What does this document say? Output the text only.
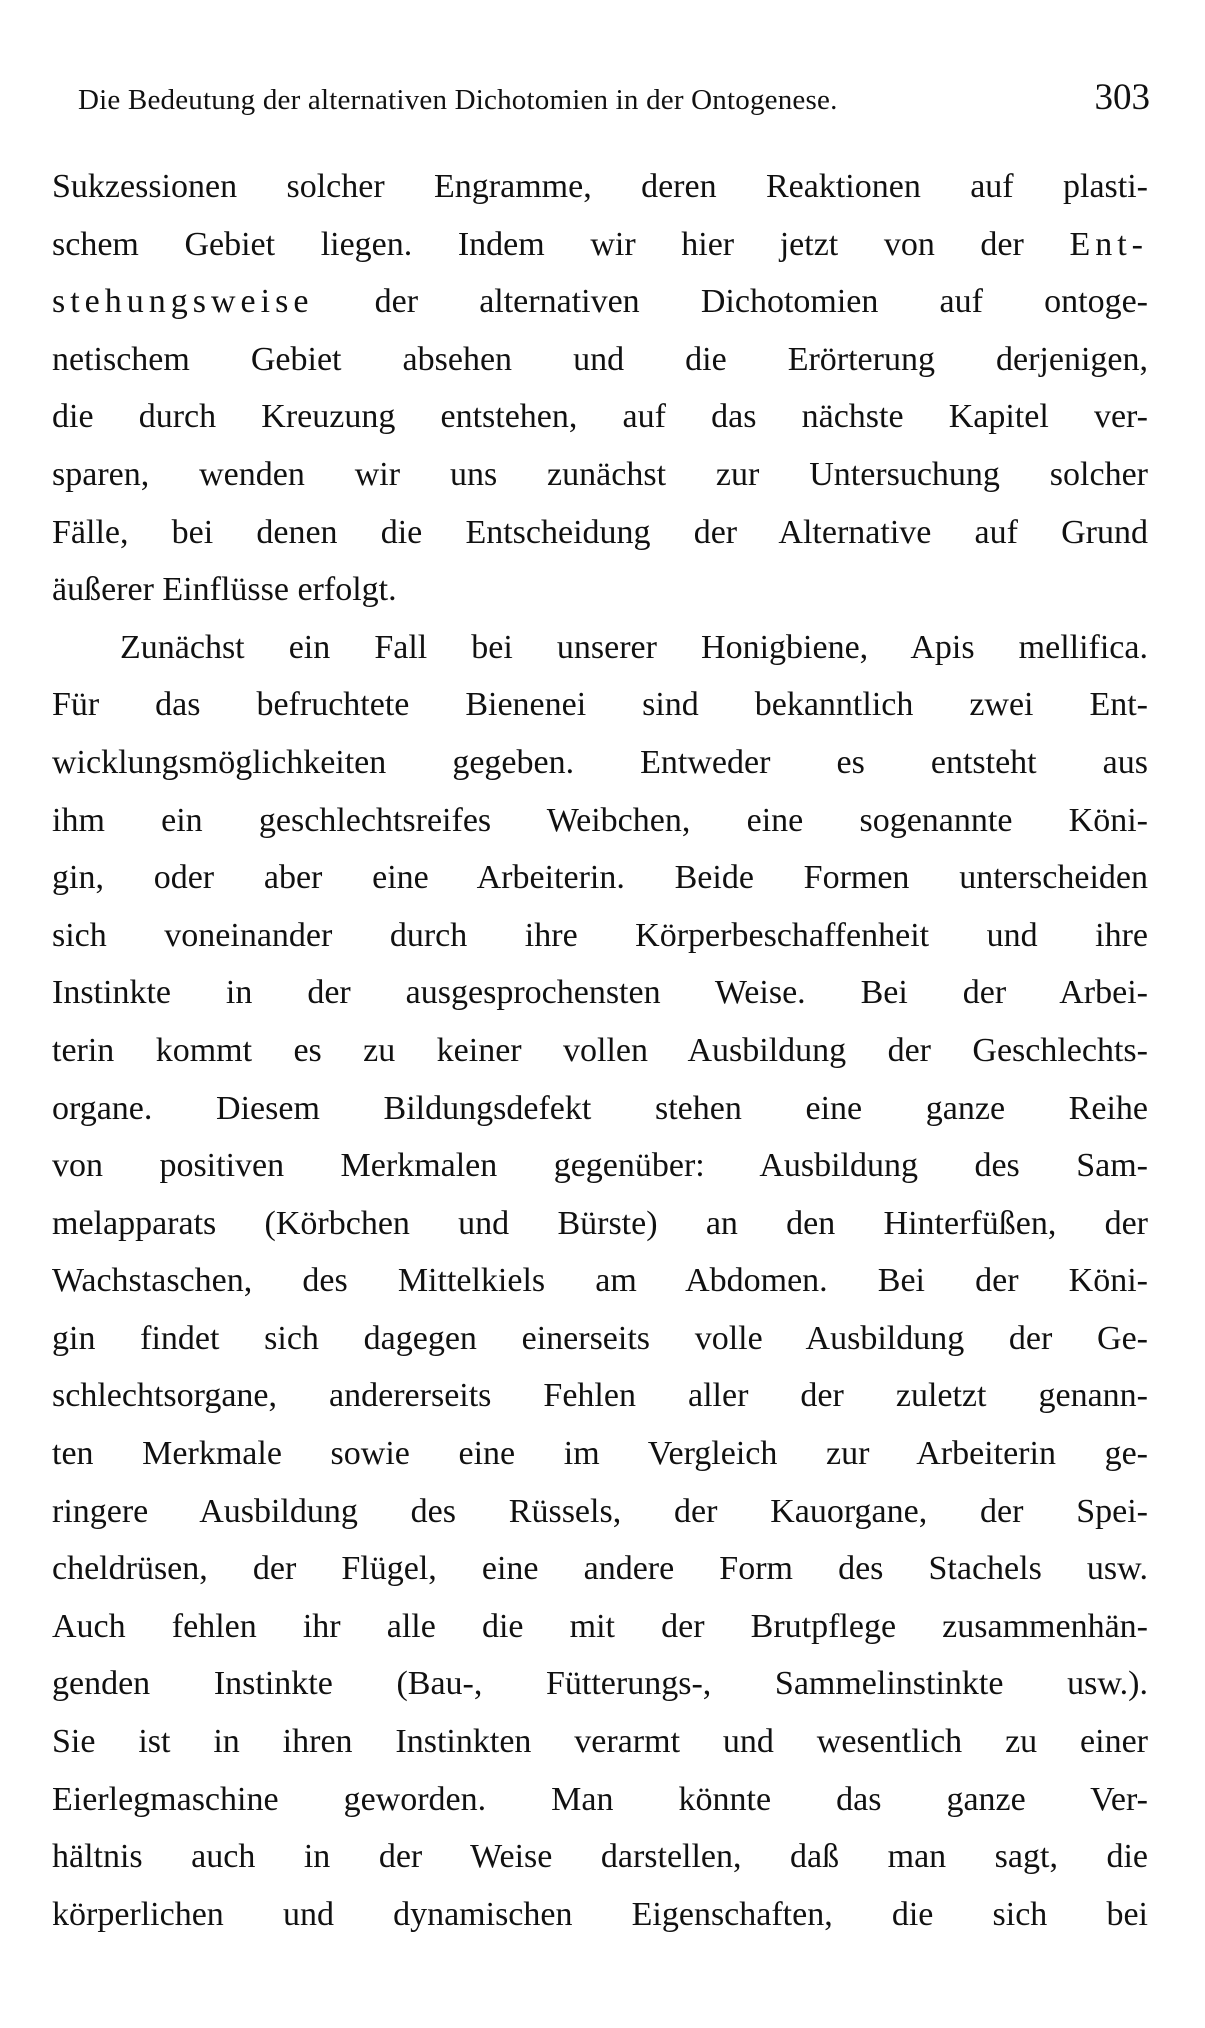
Die Bedeutung der alternativen Dichotomien in der Ontogenese.	303
Sukzessionen solcher Engramme, deren Reaktionen auf plasti-
schem Gebiet liegen. Indem wir hier jetzt von der Ent-
stehungsweise der alternativen Dichotomien auf ontoge-
netischem Gebiet absehen und die Erörterung derjenigen,
die durch Kreuzung entstehen, auf das nächste Kapitel ver-
sparen, wenden wir uns zunächst zur Untersuchung solcher
Fälle, bei denen die Entscheidung der Alternative auf Grund
äußerer Einflüsse erfolgt.
Zunächst ein Fall bei unserer Honigbiene, Apis mellifica.
Für das befruchtete Bienenei sind bekanntlich zwei Ent-
wicklungsmöglichkeiten gegeben. Entweder es entsteht aus
ihm ein geschlechtsreifes Weibchen, eine sogenannte Köni-
gin, oder aber eine Arbeiterin. Beide Formen unterscheiden
sich voneinander durch ihre Körperbeschaffenheit und ihre
Instinkte in der ausgesprochensten Weise. Bei der Arbei-
terin kommt es zu keiner vollen Ausbildung der Geschlechts-
organe. Diesem Bildungsdefekt stehen eine ganze Reihe
von positiven Merkmalen gegenüber: Ausbildung des Sam-
melapparats (Körbchen und Bürste) an den Hinterfüßen, der
Wachstaschen, des Mittelkiels am Abdomen. Bei der Köni-
gin findet sich dagegen einerseits volle Ausbildung der Ge-
schlechtsorgane, andererseits Fehlen aller der zuletzt genann-
ten Merkmale sowie eine im Vergleich zur Arbeiterin ge-
ringere Ausbildung des Rüssels, der Kauorgane, der Spei-
cheldrüsen, der Flügel, eine andere Form des Stachels usw.
Auch fehlen ihr alle die mit der Brutpflege zusammenhän-
genden Instinkte (Bau-, Fütterungs-, Sammelinstinkte usw.).
Sie ist in ihren Instinkten verarmt und wesentlich zu einer
Eierlegmaschine geworden. Man könnte das ganze Ver-
hältnis auch in der Weise darstellen, daß man sagt, die
körperlichen und dynamischen Eigenschaften, die sich bei
